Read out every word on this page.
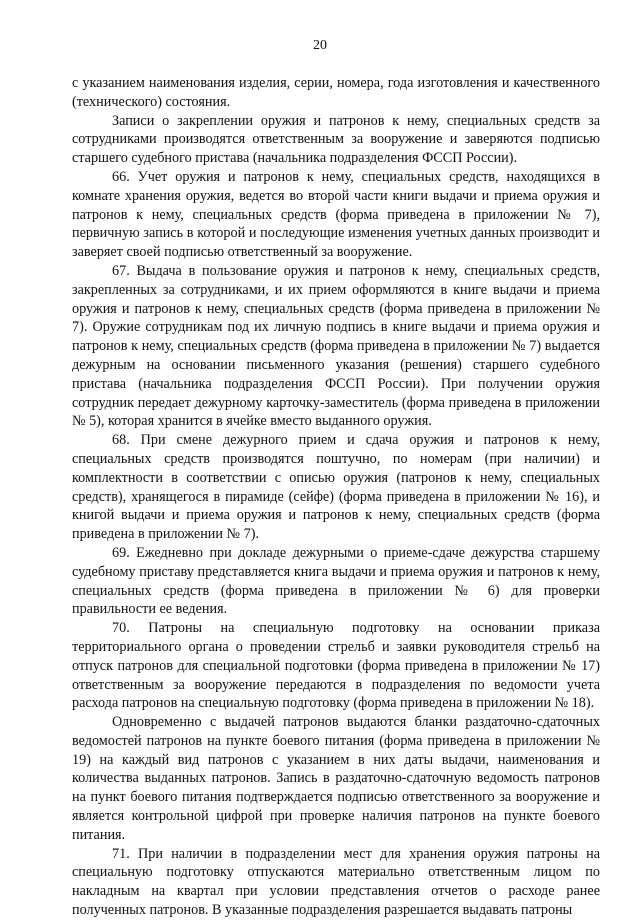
20

с указанием наименования изделия, серии, номера, года изготовления и качественного (технического) состояния.

Записи о закреплении оружия и патронов к нему, специальных средств за сотрудниками производятся ответственным за вооружение и заверяются подписью старшего судебного пристава (начальника подразделения ФССП России).

66. Учет оружия и патронов к нему, специальных средств, находящихся в комнате хранения оружия, ведется во второй части книги выдачи и приема оружия и патронов к нему, специальных средств (форма приведена в приложении № 7), первичную запись в которой и последующие изменения учетных данных производит и заверяет своей подписью ответственный за вооружение.

67. Выдача в пользование оружия и патронов к нему, специальных средств, закрепленных за сотрудниками, и их прием оформляются в книге выдачи и приема оружия и патронов к нему, специальных средств (форма приведена в приложении № 7). Оружие сотрудникам под их личную подпись в книге выдачи и приема оружия и патронов к нему, специальных средств (форма приведена в приложении № 7) выдается дежурным на основании письменного указания (решения) старшего судебного пристава (начальника подразделения ФССП России). При получении оружия сотрудник передает дежурному карточку-заместитель (форма приведена в приложении № 5), которая хранится в ячейке вместо выданного оружия.

68. При смене дежурного прием и сдача оружия и патронов к нему, специальных средств производятся поштучно, по номерам (при наличии) и комплектности в соответствии с описью оружия (патронов к нему, специальных средств), хранящегося в пирамиде (сейфе) (форма приведена в приложении № 16), и книгой выдачи и приема оружия и патронов к нему, специальных средств (форма приведена в приложении № 7).

69. Ежедневно при докладе дежурными о приеме-сдаче дежурства старшему судебному приставу представляется книга выдачи и приема оружия и патронов к нему, специальных средств (форма приведена в приложении № 6) для проверки правильности ее ведения.

70. Патроны на специальную подготовку на основании приказа территориального органа о проведении стрельб и заявки руководителя стрельб на отпуск патронов для специальной подготовки (форма приведена в приложении № 17) ответственным за вооружение передаются в подразделения по ведомости учета расхода патронов на специальную подготовку (форма приведена в приложении № 18).

Одновременно с выдачей патронов выдаются бланки раздаточно-сдаточных ведомостей патронов на пункте боевого питания (форма приведена в приложении № 19) на каждый вид патронов с указанием в них даты выдачи, наименования и количества выданных патронов. Запись в раздаточно-сдаточную ведомость патронов на пункт боевого питания подтверждается подписью ответственного за вооружение и является контрольной цифрой при проверке наличия патронов на пункте боевого питания.

71. При наличии в подразделении мест для хранения оружия патроны на специальную подготовку отпускаются материально ответственным лицом по накладным на квартал при условии представления отчетов о расходе ранее полученных патронов. В указанные подразделения разрешается выдавать патроны
